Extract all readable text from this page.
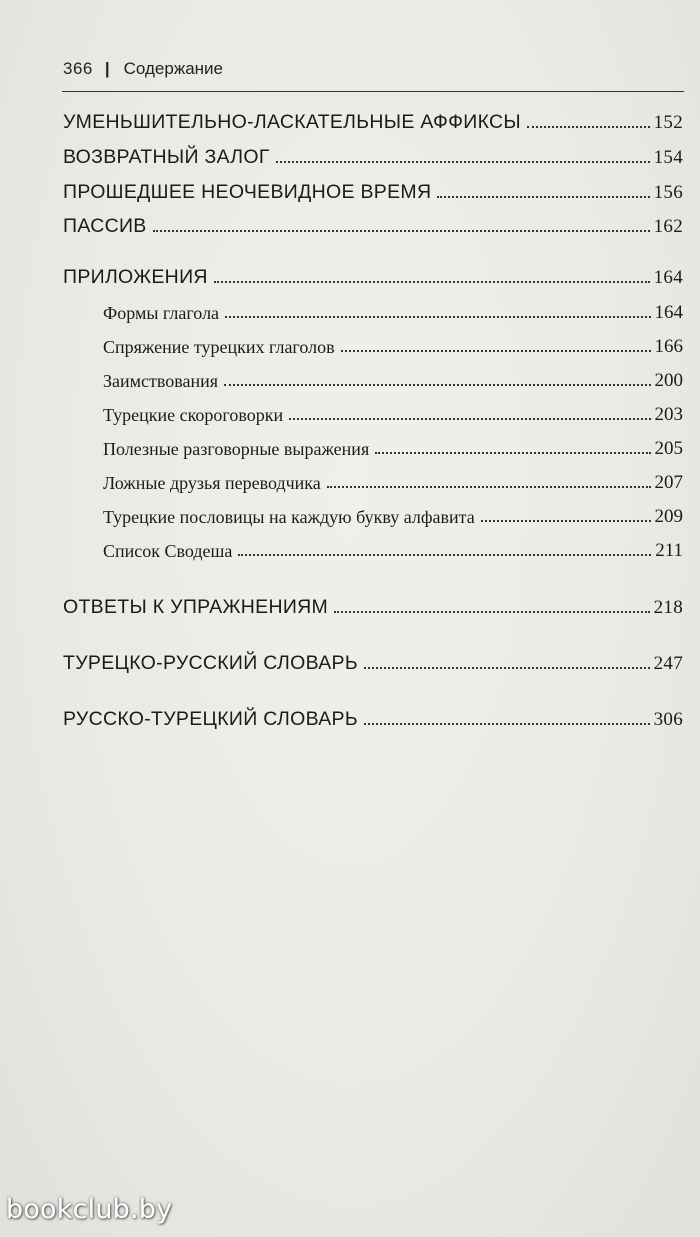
366 | Содержание
УМЕНЬШИТЕЛЬНО-ЛАСКАТЕЛЬНЫЕ АФФИКСЫ	152
ВОЗВРАТНЫЙ ЗАЛОГ	154
ПРОШЕДШЕЕ НЕОЧЕВИДНОЕ ВРЕМЯ	156
ПАССИВ	162
ПРИЛОЖЕНИЯ	164
Формы глагола	164
Спряжение турецких глаголов	166
Заимствования	200
Турецкие скороговорки	203
Полезные разговорные выражения	205
Ложные друзья переводчика	207
Турецкие пословицы на каждую букву алфавита	209
Список Сводеша	211
ОТВЕТЫ К УПРАЖНЕНИЯМ	218
ТУРЕЦКО-РУССКИЙ СЛОВАРЬ	247
РУССКО-ТУРЕЦКИЙ СЛОВАРЬ	306
bookclub.by
